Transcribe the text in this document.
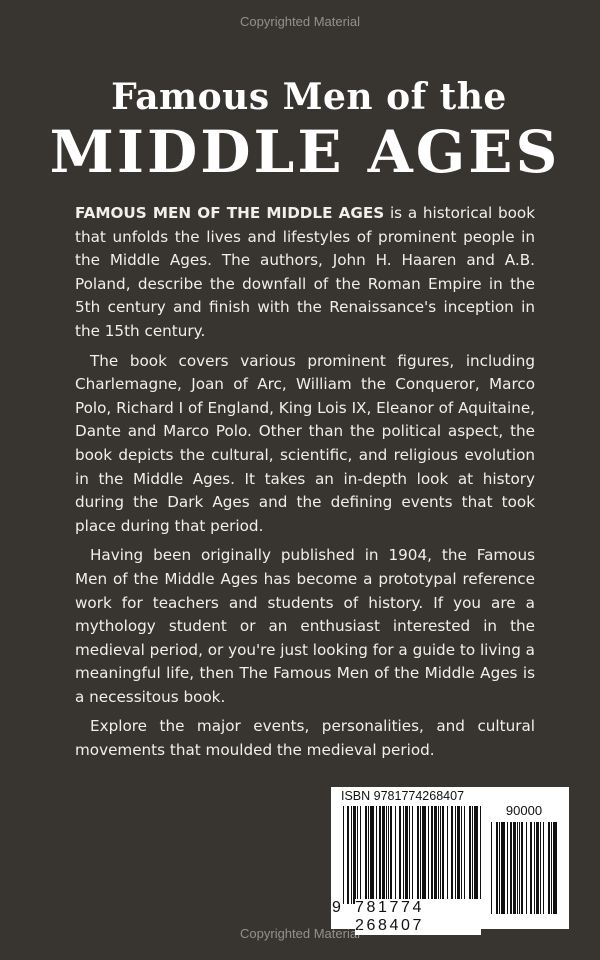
Copyrighted Material
Famous Men of the
MIDDLE AGES

FAMOUS MEN OF THE MIDDLE AGES is a historical book that unfolds the lives and lifestyles of prominent people in the Middle Ages. The authors, John H. Haaren and A.B. Poland, describe the downfall of the Roman Empire in the 5th century and finish with the Renaissance's inception in the 15th century.

The book covers various prominent figures, including Charlemagne, Joan of Arc, William the Conqueror, Marco Polo, Richard I of England, King Lois IX, Eleanor of Aquitaine, Dante and Marco Polo. Other than the political aspect, the book depicts the cultural, scientific, and religious evolution in the Middle Ages. It takes an in-depth look at history during the Dark Ages and the defining events that took place during that period.

Having been originally published in 1904, the Famous Men of the Middle Ages has become a prototypal reference work for teachers and students of history. If you are a mythology student or an enthusiast interested in the medieval period, or you're just looking for a guide to living a meaningful life, then The Famous Men of the Middle Ages is a necessitous book.

Explore the major events, personalities, and cultural movements that moulded the medieval period.

ISBN 9781774268407
90000
9 781774 268407
Copyrighted Material
